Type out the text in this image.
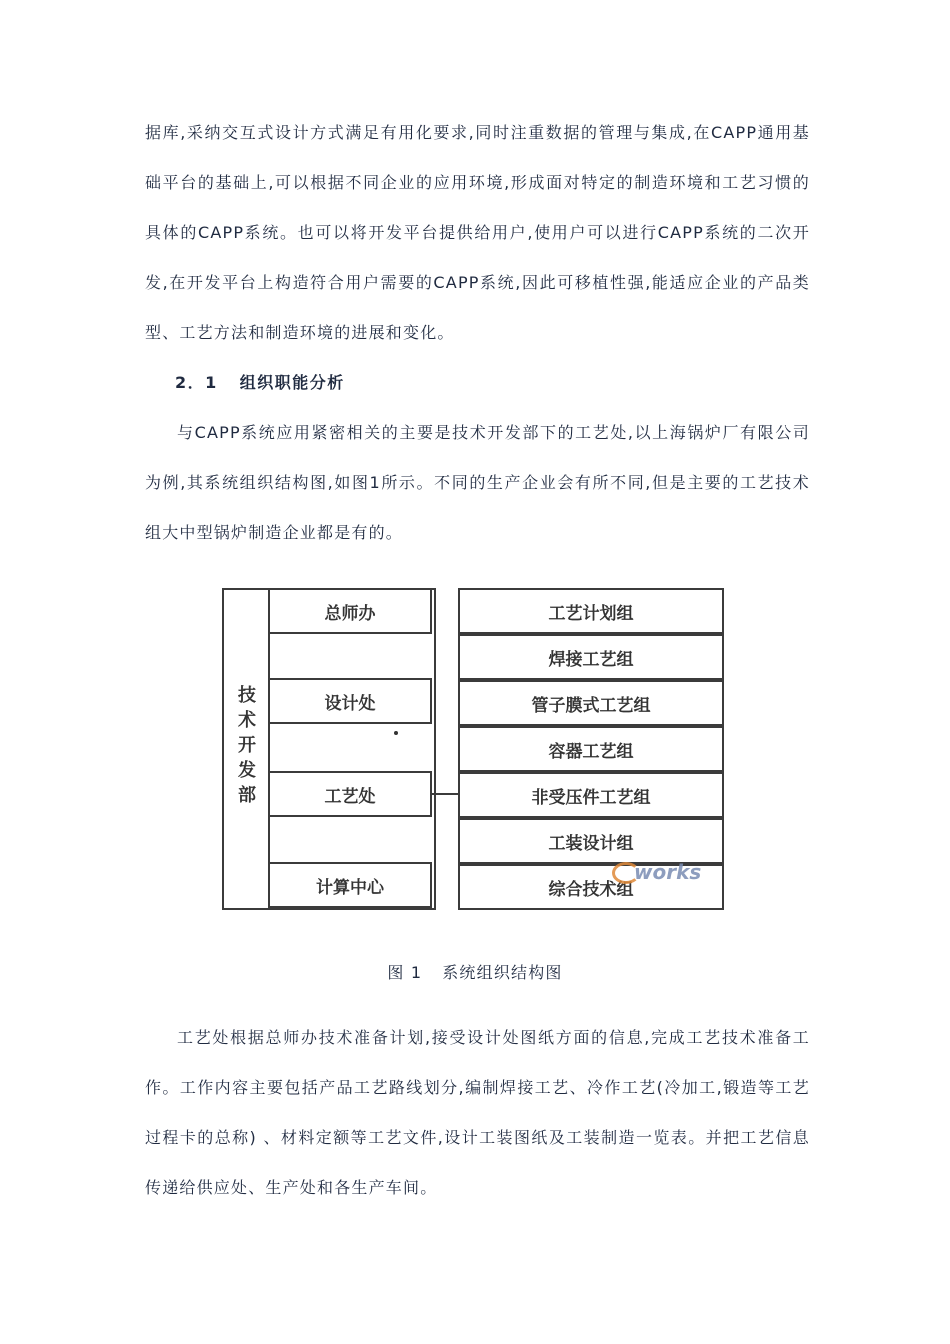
据库,采纳交互式设计方式满足有用化要求,同时注重数据的管理与集成,在CAPP通用基础平台的基础上,可以根据不同企业的应用环境,形成面对特定的制造环境和工艺习惯的具体的CAPP系统。也可以将开发平台提供给用户,使用户可以进行CAPP系统的二次开发,在开发平台上构造符合用户需要的CAPP系统,因此可移植性强,能适应企业的产品类型、工艺方法和制造环境的进展和变化。

2．1 组织职能分析

与CAPP系统应用紧密相关的主要是技术开发部下的工艺处,以上海锅炉厂有限公司为例,其系统组织结构图,如图1所示。不同的生产企业会有所不同,但是主要的工艺技术组大中型锅炉制造企业都是有的。

技
术
开
发
部
总师办
设计处
工艺处
计算中心
工艺计划组
焊接工艺组
管子膜式工艺组
容器工艺组
非受压件工艺组
工装设计组
综合技术组
works
图 1 系统组织结构图

工艺处根据总师办技术准备计划,接受设计处图纸方面的信息,完成工艺技术准备工作。工作内容主要包括产品工艺路线划分,编制焊接工艺、冷作工艺(冷加工,锻造等工艺过程卡的总称) 、材料定额等工艺文件,设计工装图纸及工装制造一览表。并把工艺信息传递给供应处、生产处和各生产车间。
